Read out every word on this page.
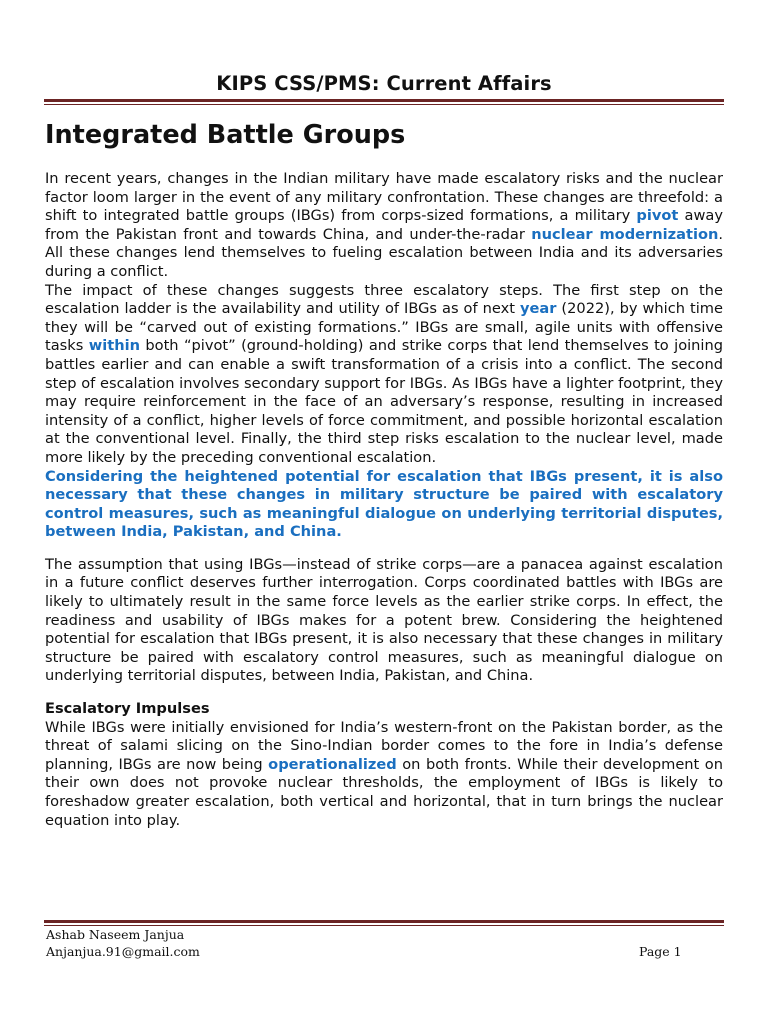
KIPS CSS/PMS: Current Affairs
Integrated Battle Groups

In recent years, changes in the Indian military have made escalatory risks and the nuclear factor loom larger in the event of any military confrontation. These changes are threefold: a shift to integrated battle groups (IBGs) from corps-sized formations, a military pivot away from the Pakistan front and towards China, and under-the-radar nuclear modernization. All these changes lend themselves to fueling escalation between India and its adversaries during a conflict.

The impact of these changes suggests three escalatory steps. The first step on the escalation ladder is the availability and utility of IBGs as of next year (2022), by which time they will be “carved out of existing formations.” IBGs are small, agile units with offensive tasks within both “pivot” (ground-holding) and strike corps that lend themselves to joining battles earlier and can enable a swift transformation of a crisis into a conflict. The second step of escalation involves secondary support for IBGs. As IBGs have a lighter footprint, they may require reinforcement in the face of an adversary’s response, resulting in increased intensity of a conflict, higher levels of force commitment, and possible horizontal escalation at the conventional level. Finally, the third step risks escalation to the nuclear level, made more likely by the preceding conventional escalation.

Considering the heightened potential for escalation that IBGs present, it is also necessary that these changes in military structure be paired with escalatory control measures, such as meaningful dialogue on underlying territorial disputes, between India, Pakistan, and China.

The assumption that using IBGs—instead of strike corps—are a panacea against escalation in a future conflict deserves further interrogation. Corps coordinated battles with IBGs are likely to ultimately result in the same force levels as the earlier strike corps. In effect, the readiness and usability of IBGs makes for a potent brew. Considering the heightened potential for escalation that IBGs present, it is also necessary that these changes in military structure be paired with escalatory control measures, such as meaningful dialogue on underlying territorial disputes, between India, Pakistan, and China.

Escalatory Impulses

While IBGs were initially envisioned for India’s western-front on the Pakistan border, as the threat of salami slicing on the Sino-Indian border comes to the fore in India’s defense planning, IBGs are now being operationalized on both fronts. While their development on their own does not provoke nuclear thresholds, the employment of IBGs is likely to foreshadow greater escalation, both vertical and horizontal, that in turn brings the nuclear equation into play.

Ashab Naseem Janjua
Anjanjua.91@gmail.com	Page 1
